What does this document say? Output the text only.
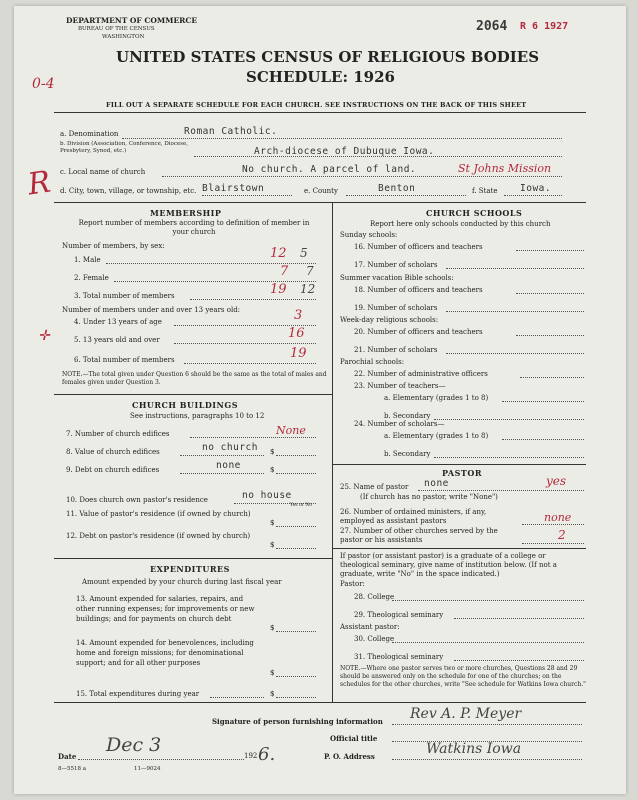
DEPARTMENT OF COMMERCE
BUREAU OF THE CENSUS
WASHINGTON
2064 R 6 1927
UNITED STATES CENSUS OF RELIGIOUS BODIES
SCHEDULE: 1926
0-4
FILL OUT A SEPARATE SCHEDULE FOR EACH CHURCH. SEE INSTRUCTIONS ON THE BACK OF THIS SHEET
R
a. Denomination	Roman Catholic.
b. Division (Association, Conference, Diocese, Presbytery, Synod, etc.)	Arch-diocese of Dubuque Iowa.
c. Local name of church	No church. A parcel of land.	St Johns Mission
d. City, town, village, or township, etc. Blairstown	e. County	Benton	f. State Iowa.
MEMBERSHIP
Report number of members according to definition of member in your church
Number of members, by sex:
1. Male	12 5
2. Female	7 7
3. Total number of members	19 12
Number of members under and over 13 years old:
4. Under 13 years of age	3
✛	5. 13 years old and over	16
6. Total number of members	19
NOTE.—The total given under Question 6 should be the same as the total of males and females given under Question 3.
CHURCH BUILDINGS
See instructions, paragraphs 10 to 12
7. Number of church edifices	None
8. Value of church edifices	no church $
9. Debt on church edifices	none	$
10. Does church own pastor's residence	no house
Yes or No
11. Value of pastor's residence (if owned by church)
$
12. Debt on pastor's residence (if owned by church)
$
EXPENDITURES
Amount expended by your church during last fiscal year
13. Amount expended for salaries, repairs, and other running expenses; for improvements or new buildings; and for payments on church debt
$
14. Amount expended for benevolences, including home and foreign missions; for denominational support; and for all other purposes
$
15. Total expenditures during year	$
CHURCH SCHOOLS
Report here only schools conducted by this church
Sunday schools:
16. Number of officers and teachers
17. Number of scholars
Summer vacation Bible schools:
18. Number of officers and teachers
19. Number of scholars
Week-day religious schools:
20. Number of officers and teachers
21. Number of scholars
Parochial schools:
22. Number of administrative officers
23. Number of teachers—
a. Elementary (grades 1 to 8)
b. Secondary
24. Number of scholars—
a. Elementary (grades 1 to 8)
b. Secondary
PASTOR
25. Name of pastor none	yes
(If church has no pastor, write "None")
26. Number of ordained ministers, if any, employed as assistant pastors	none
27. Number of other churches served by the pastor or his assistants	2
If pastor (or assistant pastor) is a graduate of a college or theological seminary, give name of institution below. (If not a graduate, write "No" in the space indicated.)
Pastor:
28. College
29. Theological seminary
Assistant pastor:
30. College
31. Theological seminary
NOTE.—Where one pastor serves two or more churches, Questions 28 and 29 should be answered only on the schedule for one of the churches; on the schedules for the other churches, write "See schedule for Watkins Iowa church."
Signature of person furnishing information Rev A. P. Meyer
Official title
Date
Dec 3	192 6.	P. O. Address	Watkins Iowa
8—5518 a	11—9024
